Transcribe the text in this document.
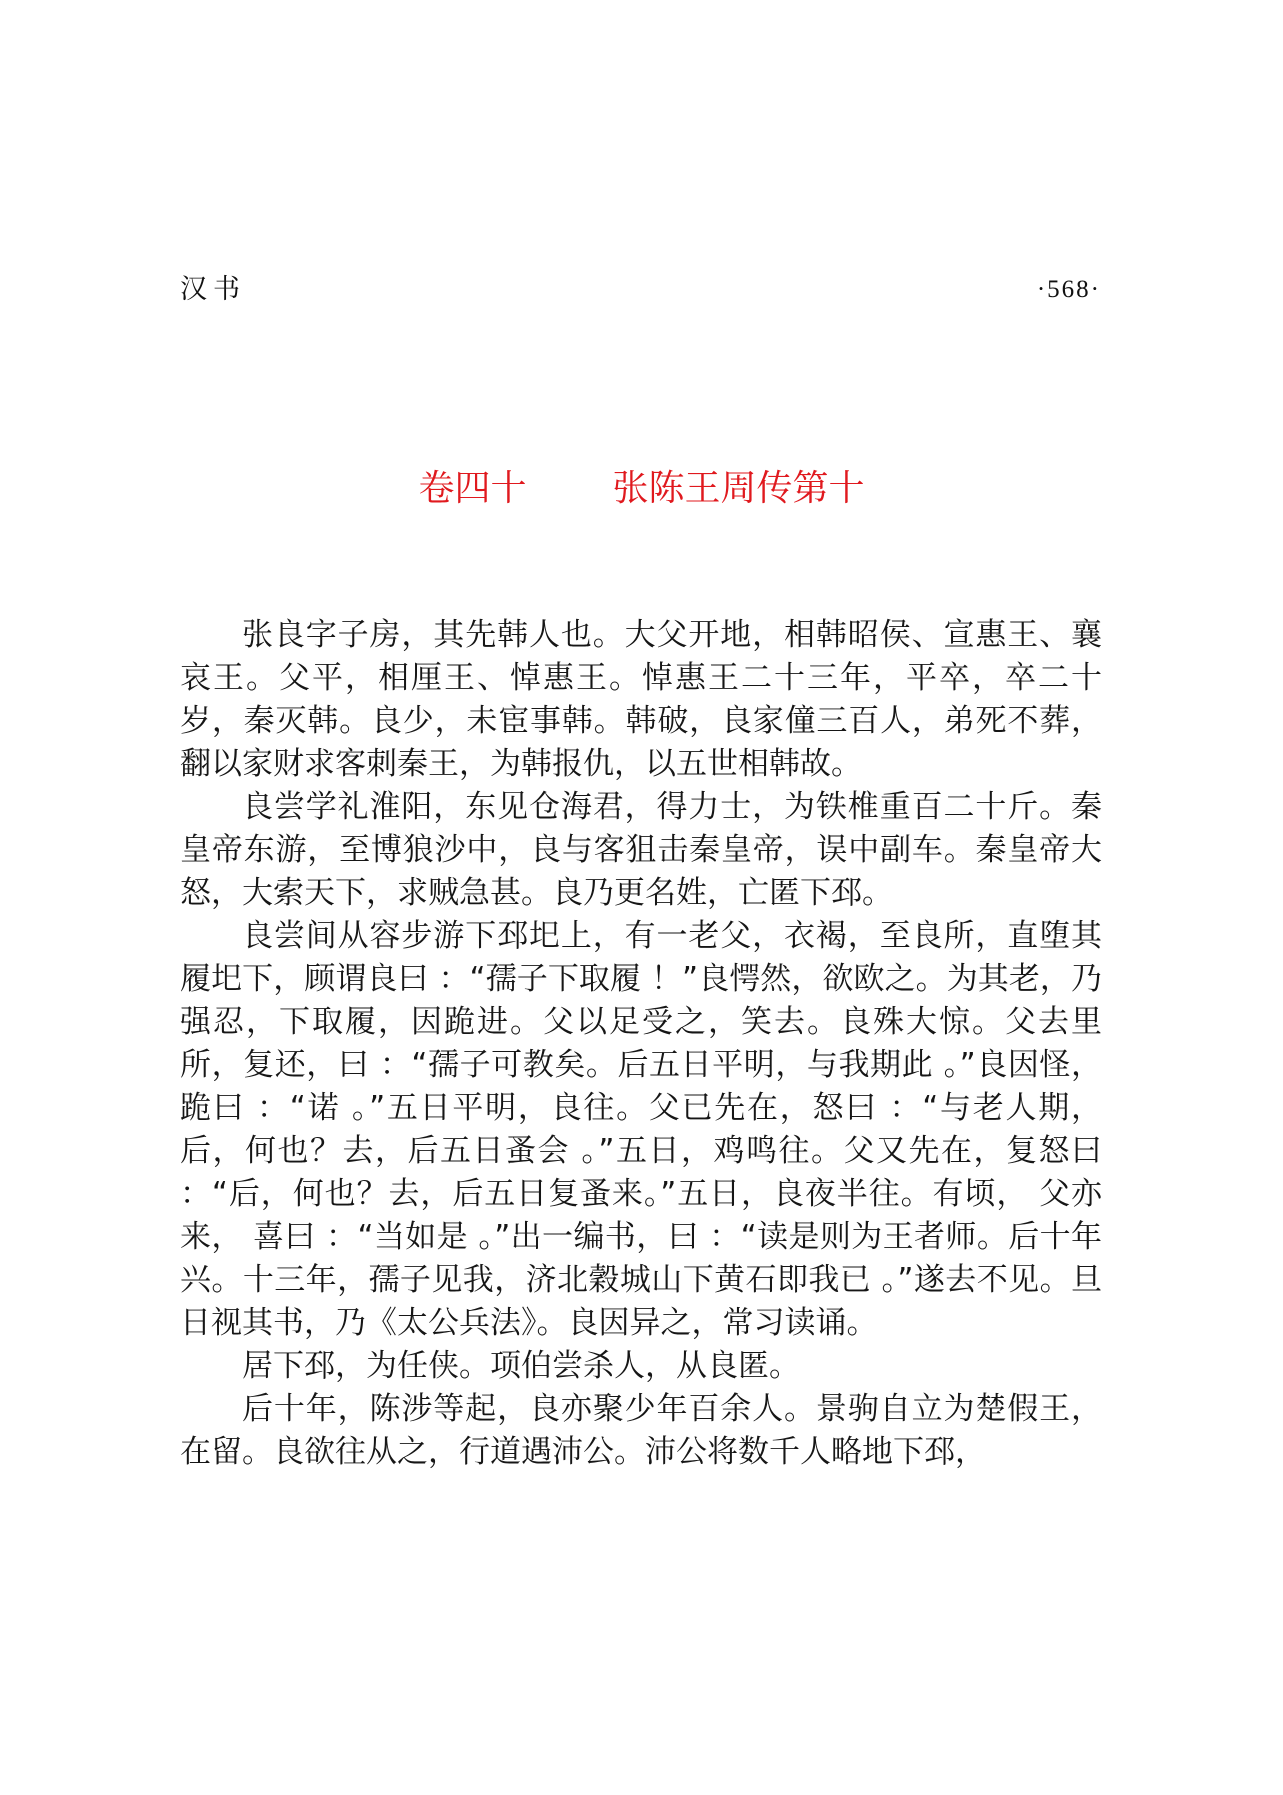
汉书	·568·
卷四十 张陈王周传第十

张良字子房，其先韩人也。大父开地，相韩昭侯、宣惠王、襄哀王。父平，相厘王、悼惠王。悼惠王二十三年，平卒，卒二十岁，秦灭韩。良少，未宦事韩。韩破，良家僮三百人，弟死不葬，翻以家财求客刺秦王，为韩报仇，以五世相韩故。

良尝学礼淮阳，东见仓海君，得力士，为铁椎重百二十斤。秦皇帝东游，至博狼沙中，良与客狙击秦皇帝，误中副车。秦皇帝大怒，大索天下，求贼急甚。良乃更名姓，亡匿下邳。

良尝间从容步游下邳圯上，有一老父，衣褐，至良所，直堕其履圯下，顾谓良曰 ：“孺子下取履 ！”良愕然，欲欧之。为其老，乃强忍，下取履，因跪进。父以足受之，笑去。良殊大惊。父去里所，复还，曰 ：“孺子可教矣。后五日平明，与我期此 。”良因怪，跪曰 ：“诺 。”五日平明，良往。父已先在，怒曰 ：“与老人期，后，何也？去，后五日蚤会 。”五日，鸡鸣往。父又先在，复怒曰 ：“后，何也？去，后五日复蚤来。”五日，良夜半往。有顷， 父亦来， 喜曰 ：“当如是 。”出一编书，曰 ：“读是则为王者师。后十年兴。十三年，孺子见我，济北穀城山下黄石即我已 。”遂去不见。旦日视其书，乃《太公兵法》。良因异之，常习读诵。

居下邳，为任侠。项伯尝杀人，从良匿。

后十年，陈涉等起，良亦聚少年百余人。景驹自立为楚假王，在留。良欲往从之，行道遇沛公。沛公将数千人略地下邳，
